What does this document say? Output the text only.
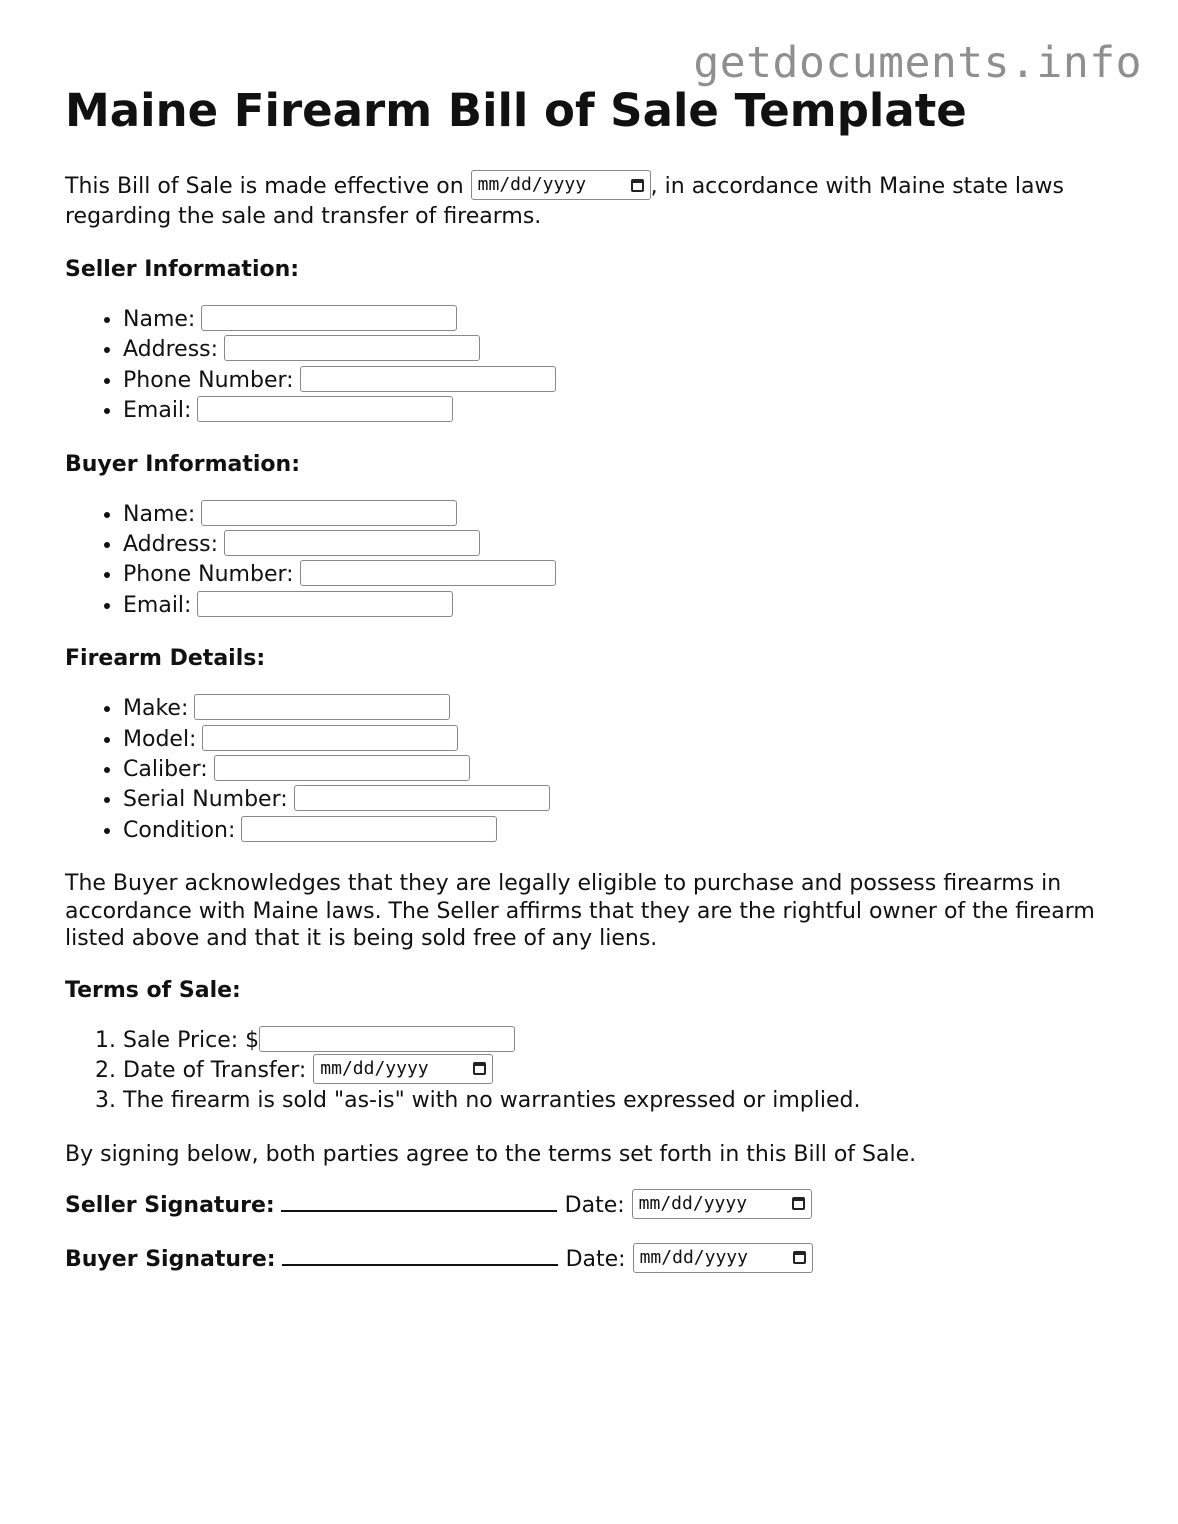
getdocuments.info
Maine Firearm Bill of Sale Template

This Bill of Sale is made effective on mm/dd/yyyy	, in accordance with Maine state laws regarding the sale and transfer of firearms.

Seller Information:

• Name:
• Address:
• Phone Number:
• Email:

Buyer Information:

• Name:
• Address:
• Phone Number:
• Email:

Firearm Details:

• Make:
• Model:
• Caliber:
• Serial Number:
• Condition:

The Buyer acknowledges that they are legally eligible to purchase and possess firearms in accordance with Maine laws. The Seller affirms that they are the rightful owner of the firearm listed above and that it is being sold free of any liens.

Terms of Sale:

1. Sale Price: $
2. Date of Transfer: mm/dd/yyyy
3. The firearm is sold "as-is" with no warranties expressed or implied.

By signing below, both parties agree to the terms set forth in this Bill of Sale.

Seller Signature:	Date: mm/dd/yyyy
Buyer Signature:	Date: mm/dd/yyyy
